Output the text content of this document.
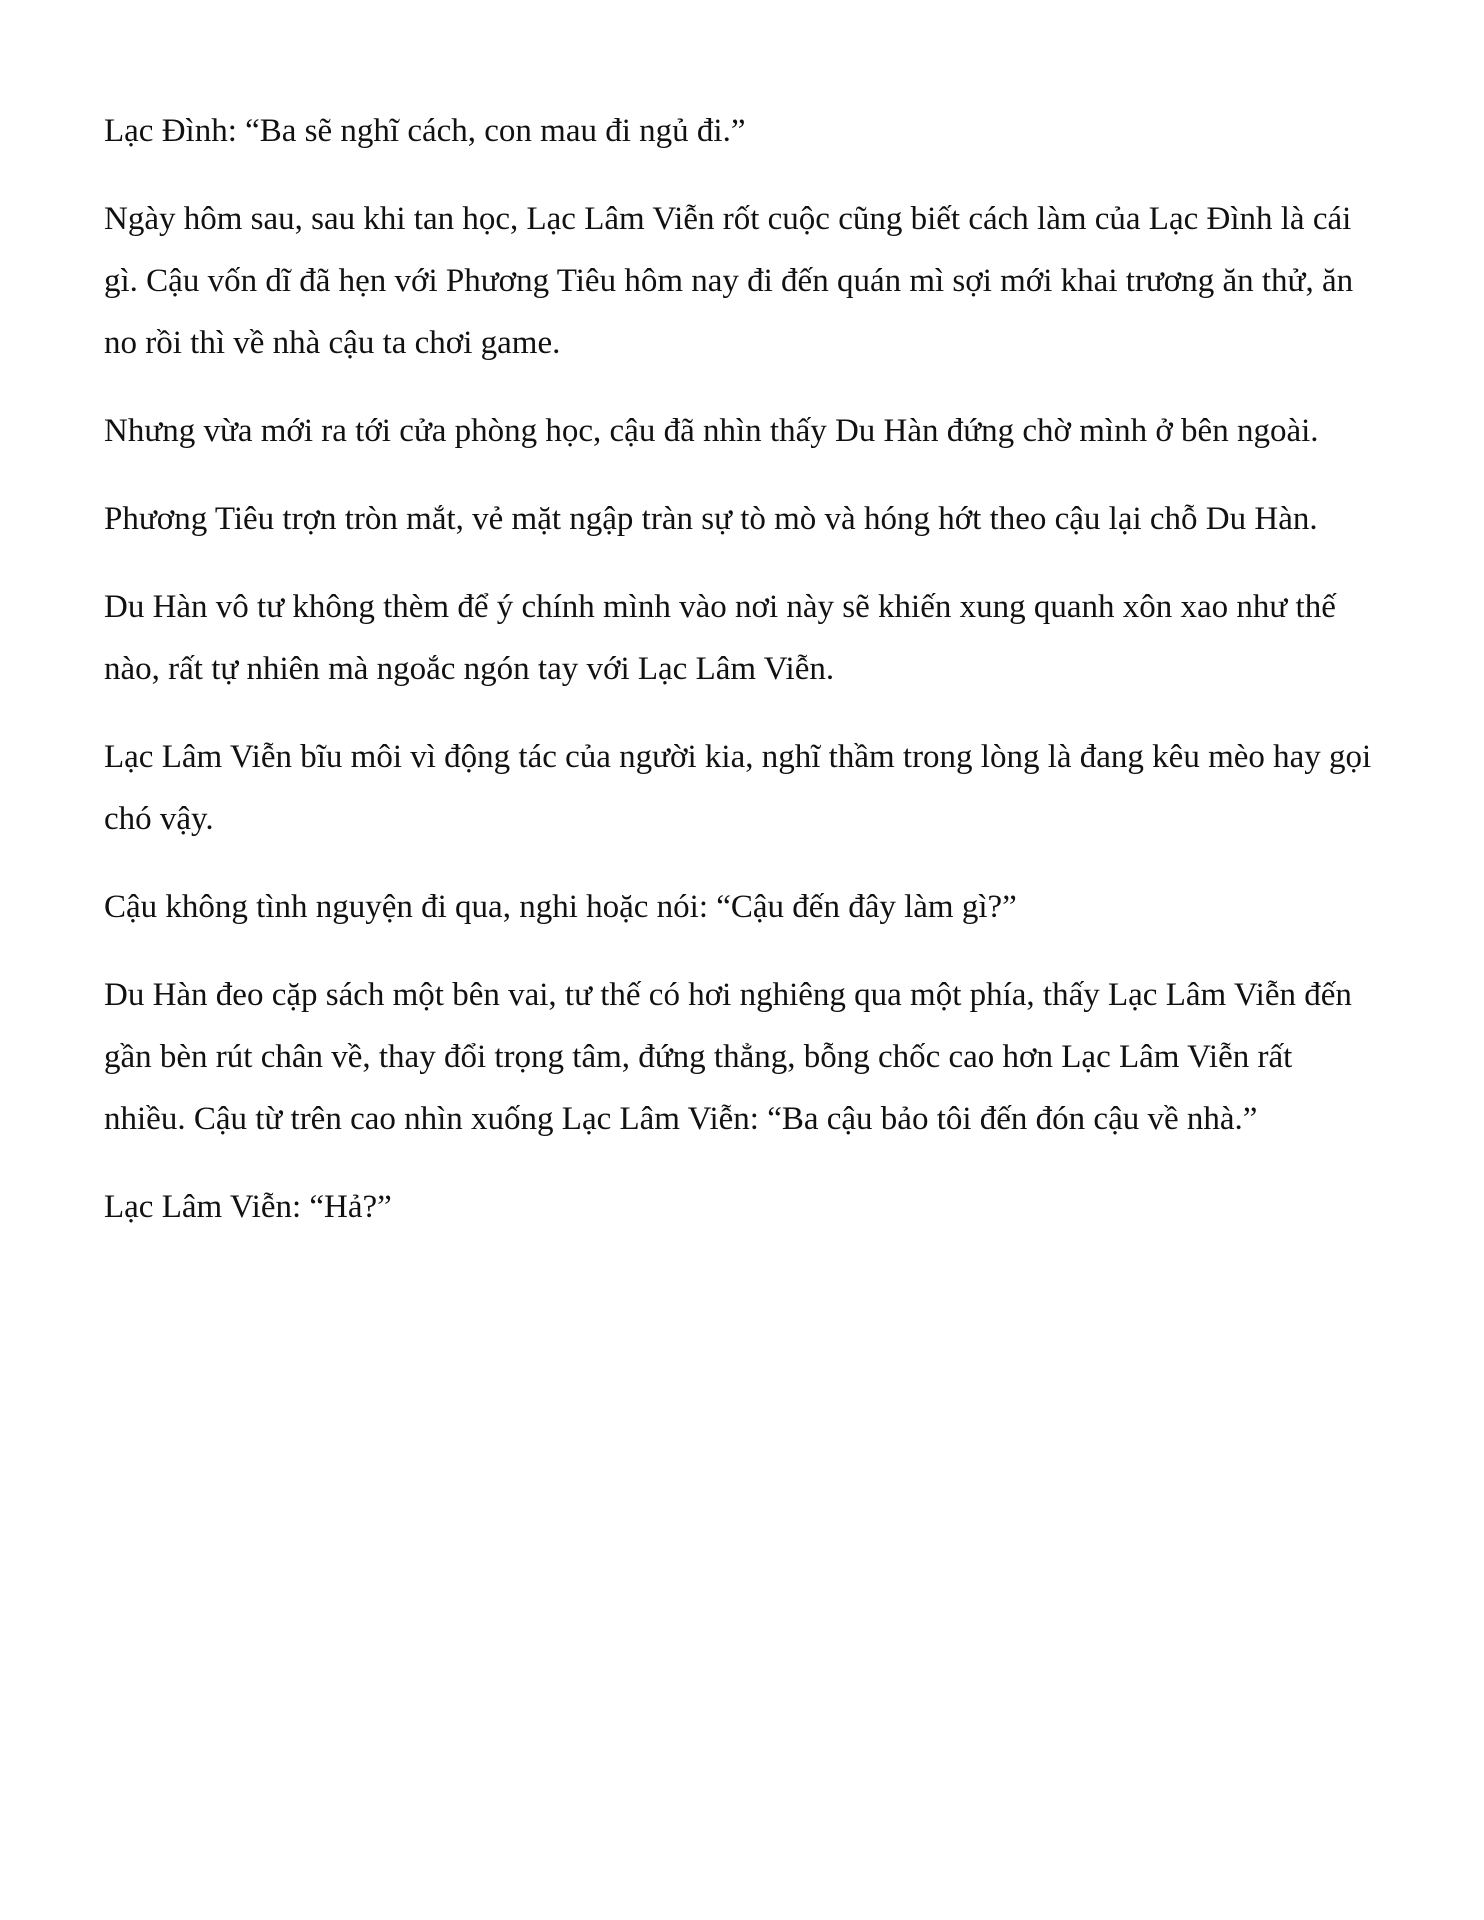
Lạc Đình: “Ba sẽ nghĩ cách, con mau đi ngủ đi.”

Ngày hôm sau, sau khi tan học, Lạc Lâm Viễn rốt cuộc cũng biết cách làm của Lạc Đình là cái gì. Cậu vốn dĩ đã hẹn với Phương Tiêu hôm nay đi đến quán mì sợi mới khai trương ăn thử, ăn no rồi thì về nhà cậu ta chơi game.

Nhưng vừa mới ra tới cửa phòng học, cậu đã nhìn thấy Du Hàn đứng chờ mình ở bên ngoài.

Phương Tiêu trợn tròn mắt, vẻ mặt ngập tràn sự tò mò và hóng hớt theo cậu lại chỗ Du Hàn.

Du Hàn vô tư không thèm để ý chính mình vào nơi này sẽ khiến xung quanh xôn xao như thế nào, rất tự nhiên mà ngoắc ngón tay với Lạc Lâm Viễn.

Lạc Lâm Viễn bĩu môi vì động tác của người kia, nghĩ thầm trong lòng là đang kêu mèo hay gọi chó vậy.

Cậu không tình nguyện đi qua, nghi hoặc nói: “Cậu đến đây làm gì?”

Du Hàn đeo cặp sách một bên vai, tư thế có hơi nghiêng qua một phía, thấy Lạc Lâm Viễn đến gần bèn rút chân về, thay đổi trọng tâm, đứng thẳng, bỗng chốc cao hơn Lạc Lâm Viễn rất nhiều. Cậu từ trên cao nhìn xuống Lạc Lâm Viễn: “Ba cậu bảo tôi đến đón cậu về nhà.”

Lạc Lâm Viễn: “Hả?”
